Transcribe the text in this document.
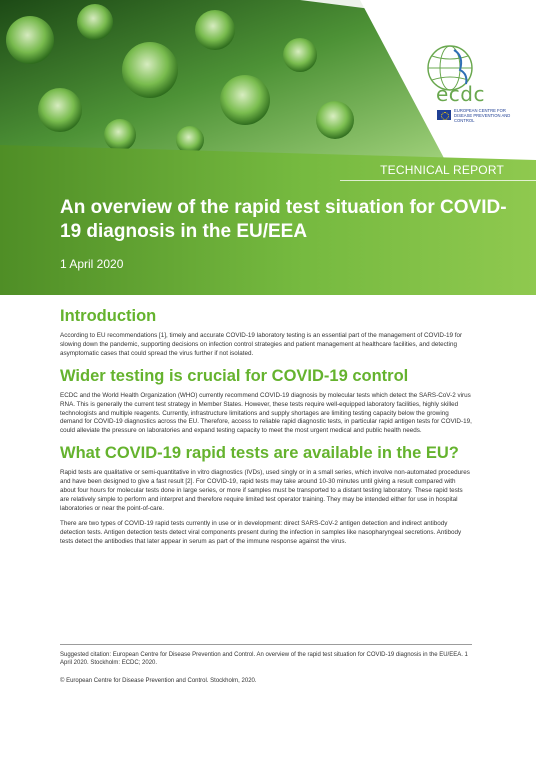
ecdc
EUROPEAN CENTRE FOR DISEASE PREVENTION AND CONTROL
TECHNICAL REPORT
An overview of the rapid test situation for COVID-19 diagnosis in the EU/EEA
1 April 2020
Introduction

According to EU recommendations [1], timely and accurate COVID-19 laboratory testing is an essential part of the management of COVID-19 for slowing down the pandemic, supporting decisions on infection control strategies and patient management at healthcare facilities, and detecting asymptomatic cases that could spread the virus further if not isolated.

Wider testing is crucial for COVID-19 control

ECDC and the World Health Organization (WHO) currently recommend COVID-19 diagnosis by molecular tests which detect the SARS-CoV-2 virus RNA. This is generally the current test strategy in Member States. However, these tests require well-equipped laboratory facilities, highly skilled technologists and multiple reagents. Currently, infrastructure limitations and supply shortages are limiting testing capacity below the growing demand for COVID-19 diagnostics across the EU. Therefore, access to reliable rapid diagnostic tests, in particular rapid antigen tests for COVID-19, could alleviate the pressure on laboratories and expand testing capacity to meet the most urgent medical and public health needs.

What COVID-19 rapid tests are available in the EU?

Rapid tests are qualitative or semi-quantitative in vitro diagnostics (IVDs), used singly or in a small series, which involve non-automated procedures and have been designed to give a fast result [2]. For COVID-19, rapid tests may take around 10-30 minutes until giving a result compared with about four hours for molecular tests done in large series, or more if samples must be transported to a distant testing laboratory. These rapid tests are relatively simple to perform and interpret and therefore require limited test operator training. They may be intended either for use in hospital laboratories or near the point-of-care.

There are two types of COVID-19 rapid tests currently in use or in development: direct SARS-CoV-2 antigen detection and indirect antibody detection tests. Antigen detection tests detect viral components present during the infection in samples like nasopharyngeal secretions. Antibody tests detect the antibodies that later appear in serum as part of the immune response against the virus.

Suggested citation: European Centre for Disease Prevention and Control. An overview of the rapid test situation for COVID-19 diagnosis in the EU/EEA. 1 April 2020. Stockholm: ECDC; 2020.

© European Centre for Disease Prevention and Control. Stockholm, 2020.
